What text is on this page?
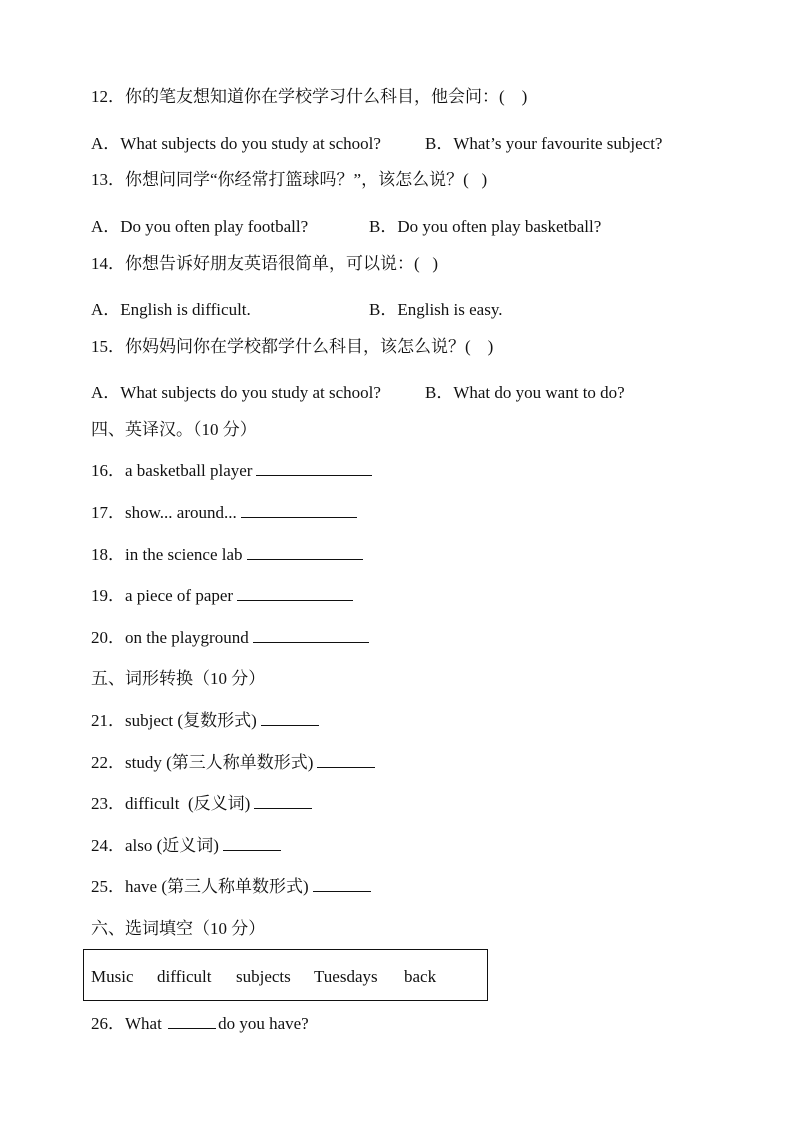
12．你的笔友想知道你在学校学习什么科目，他会问：(    )

A．What subjects do you study at school?	B．What’s your favourite subject?

13．你想问同学“你经常打篮球吗？”，该怎么说？(   )

A．Do you often play football?	B．Do you often play basketball?

14．你想告诉好朋友英语很简单，可以说：(   )

A．English is difficult.	B．English is easy.

15．你妈妈问你在学校都学什么科目，该怎么说？(    )

A．What subjects do you study at school?	B．What do you want to do?

四、英译汉。（10 分）

16．a basketball player

17．show... around...

18．in the science lab

19．a piece of paper

20．on the playground

五、词形转换（10 分）

21．subject (复数形式)

22．study (第三人称单数形式)

23．difficult  (反义词)

24．also (近义词)

25．have (第三人称单数形式)

六、选词填空（10 分）

Music difficult subjects Tuesdays back

26．What	do you have?
